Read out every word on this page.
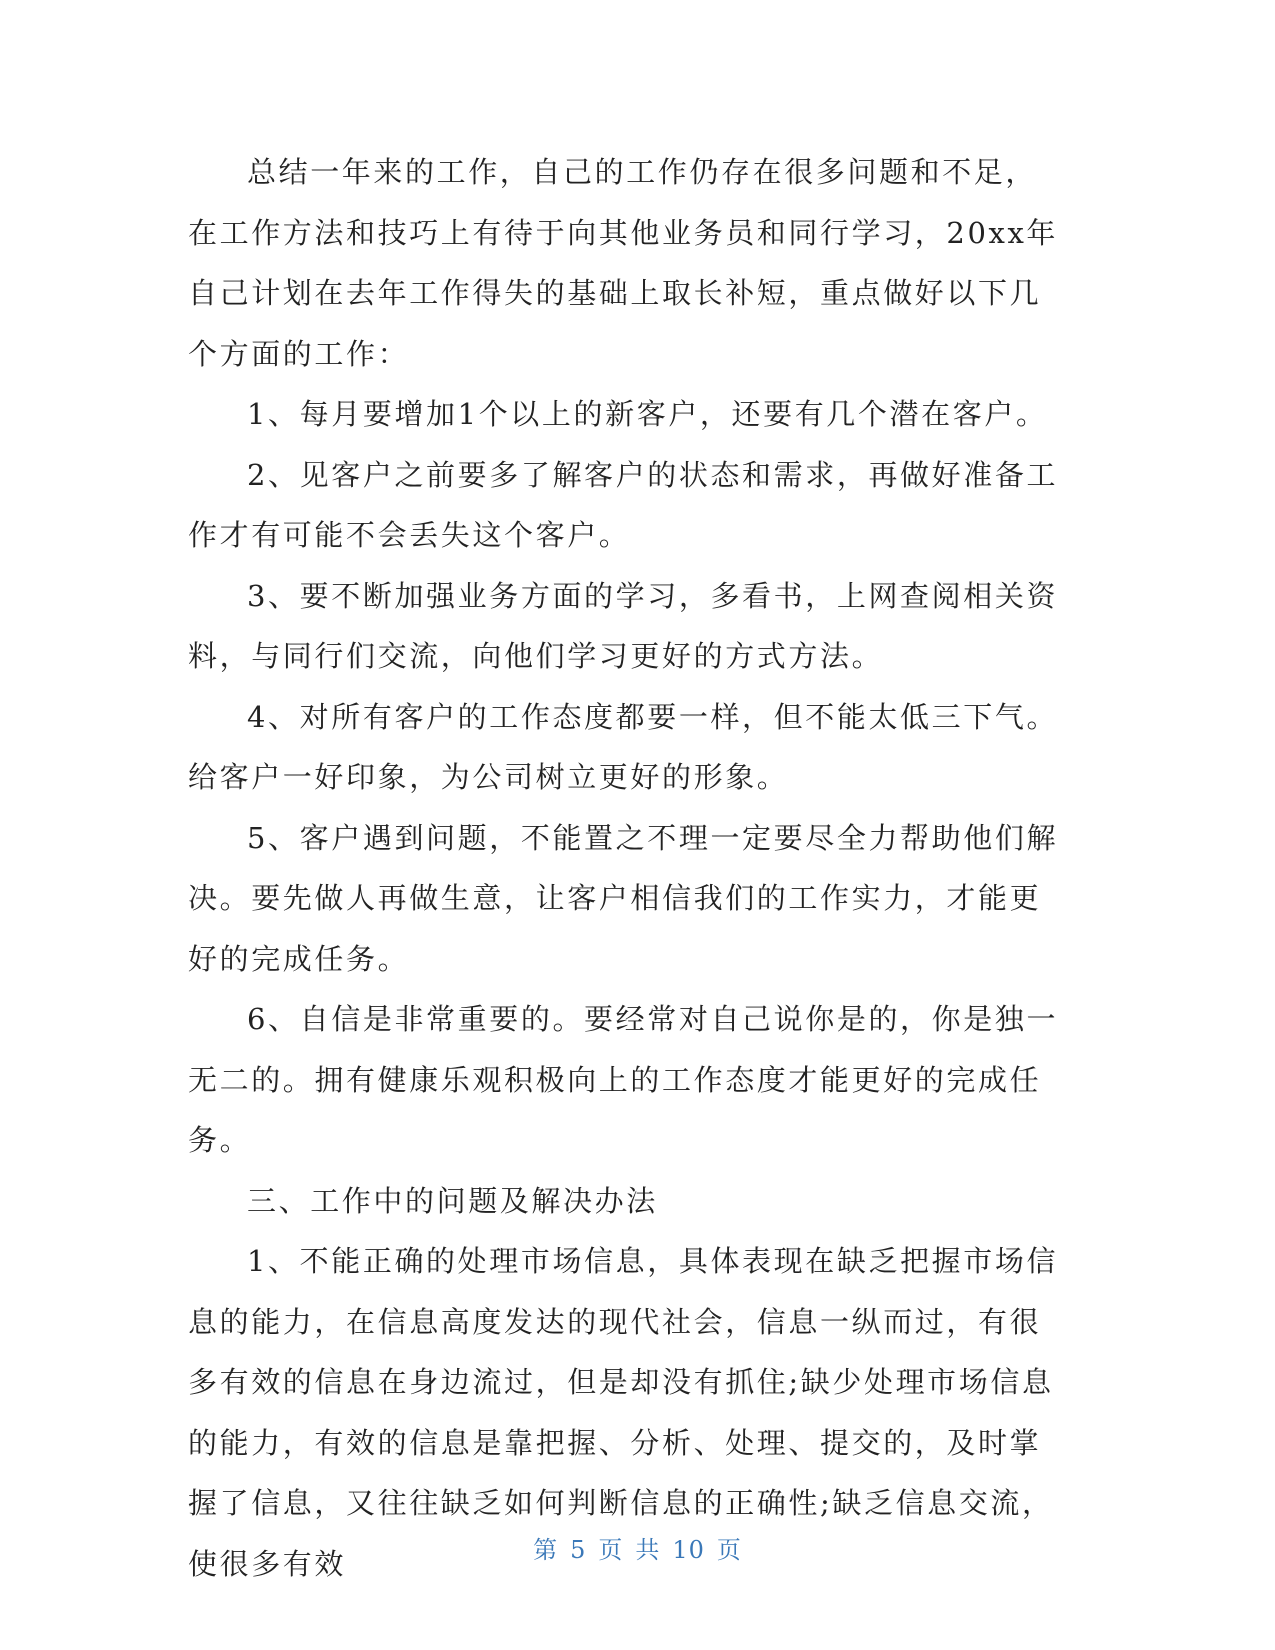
总结一年来的工作，自己的工作仍存在很多问题和不足，在工作方法和技巧上有待于向其他业务员和同行学习，20xx年自己计划在去年工作得失的基础上取长补短，重点做好以下几个方面的工作：

1、每月要增加1个以上的新客户，还要有几个潜在客户。

2、见客户之前要多了解客户的状态和需求，再做好准备工作才有可能不会丢失这个客户。

3、要不断加强业务方面的学习，多看书，上网查阅相关资料，与同行们交流，向他们学习更好的方式方法。

4、对所有客户的工作态度都要一样，但不能太低三下气。给客户一好印象，为公司树立更好的形象。

5、客户遇到问题，不能置之不理一定要尽全力帮助他们解决。要先做人再做生意，让客户相信我们的工作实力，才能更好的完成任务。

6、自信是非常重要的。要经常对自己说你是的，你是独一无二的。拥有健康乐观积极向上的工作态度才能更好的完成任务。

三、工作中的问题及解决办法

1、不能正确的处理市场信息，具体表现在缺乏把握市场信息的能力，在信息高度发达的现代社会，信息一纵而过，有很多有效的信息在身边流过，但是却没有抓住;缺少处理市场信息的能力，有效的信息是靠把握、分析、处理、提交的，及时掌握了信息，又往往缺乏如何判断信息的正确性;缺乏信息交流，使很多有效	第 5 页 共 10 页
